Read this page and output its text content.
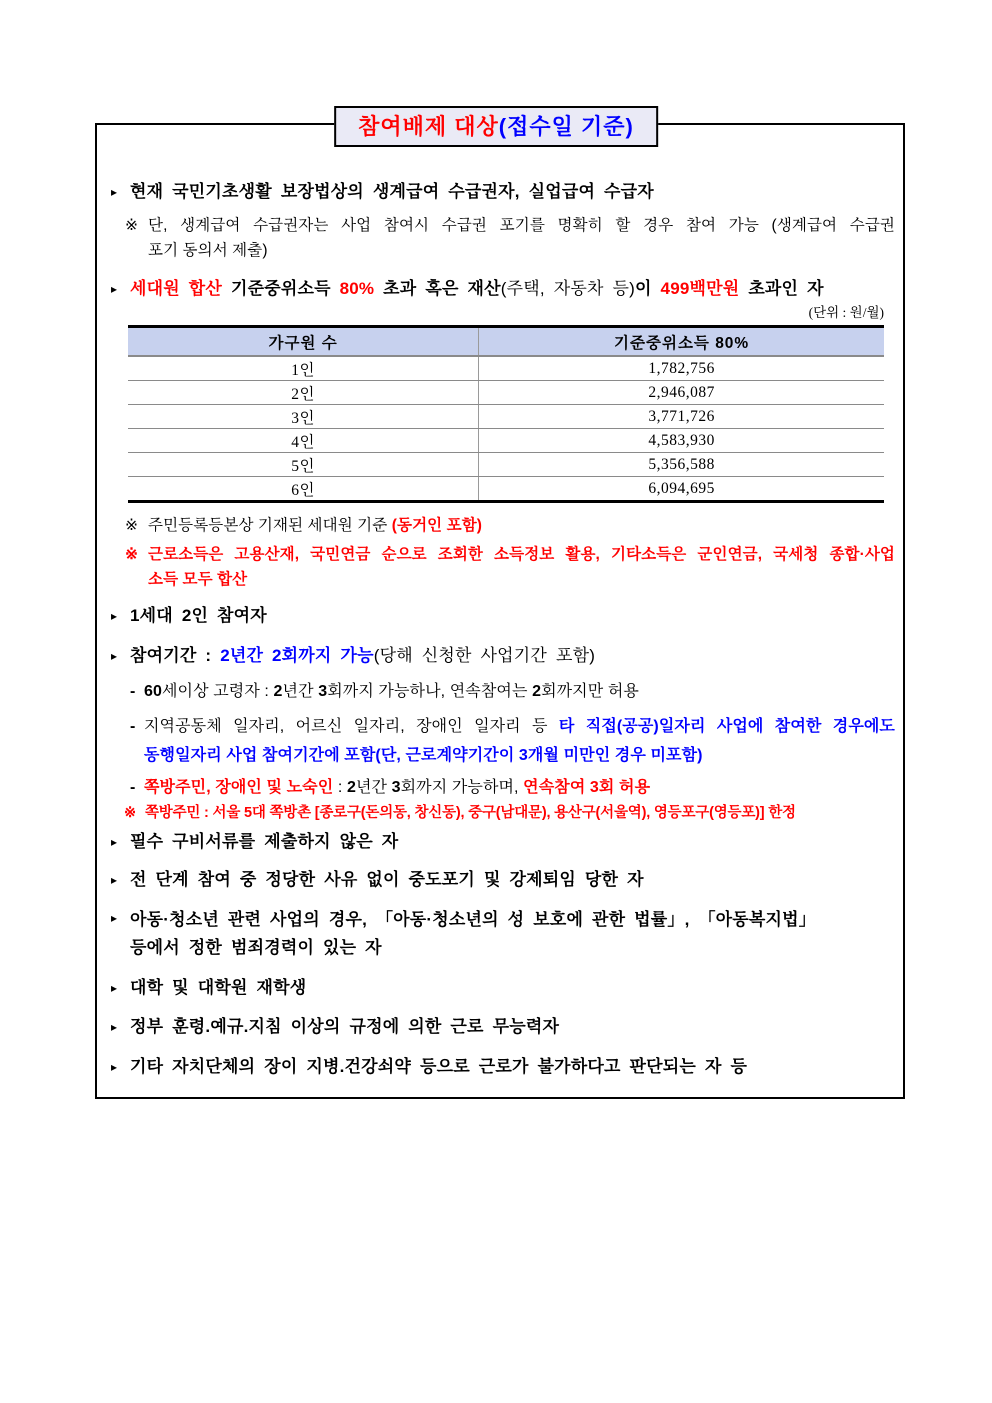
참여배제 대상(접수일 기준)
▸ 현재 국민기초생활 보장법상의 생계급여 수급권자, 실업급여 수급자
※ 단, 생계급여 수급권자는 사업 참여시 수급권 포기를 명확히 할 경우 참여 가능 (생계급여 수급권
포기 동의서 제출)
▸ 세대원 합산 기준중위소득 80% 초과 혹은 재산(주택, 자동차 등)이 499백만원 초과인 자
(단위 : 원/월)
가구원 수	기준중위소득 80%
1인	1,782,756
2인	2,946,087
3인	3,771,726
4인	4,583,930
5인	5,356,588
6인	6,094,695
※ 주민등록등본상 기재된 세대원 기준 (동거인 포함)
※ 근로소득은 고용산재, 국민연금 순으로 조회한 소득정보 활용, 기타소득은 군인연금, 국세청 종합·사업
소득 모두 합산
▸ 1세대 2인 참여자
▸ 참여기간 : 2년간 2회까지 가능(당해 신청한 사업기간 포함)
- 60세이상 고령자 : 2년간 3회까지 가능하나, 연속참여는 2회까지만 허용
- 지역공동체 일자리, 어르신 일자리, 장애인 일자리 등 타 직접(공공)일자리 사업에 참여한 경우에도
동행일자리 사업 참여기간에 포함(단, 근로계약기간이 3개월 미만인 경우 미포함)
- 쪽방주민, 장애인 및 노숙인 : 2년간 3회까지 가능하며, 연속참여 3회 허용
※ 쪽방주민 : 서울 5대 쪽방촌 [종로구(돈의동, 창신동), 중구(남대문), 용산구(서울역), 영등포구(영등포)] 한정
▸ 필수 구비서류를 제출하지 않은 자
▸ 전 단계 참여 중 정당한 사유 없이 중도포기 및 강제퇴임 당한 자
▸ 아동·청소년 관련 사업의 경우, 「아동·청소년의 성 보호에 관한 법률」, 「아동복지법」
등에서 정한 범죄경력이 있는 자
▸ 대학 및 대학원 재학생
▸ 정부 훈령.예규.지침 이상의 규정에 의한 근로 무능력자
▸ 기타 자치단체의 장이 지병.건강쇠약 등으로 근로가 불가하다고 판단되는 자 등
